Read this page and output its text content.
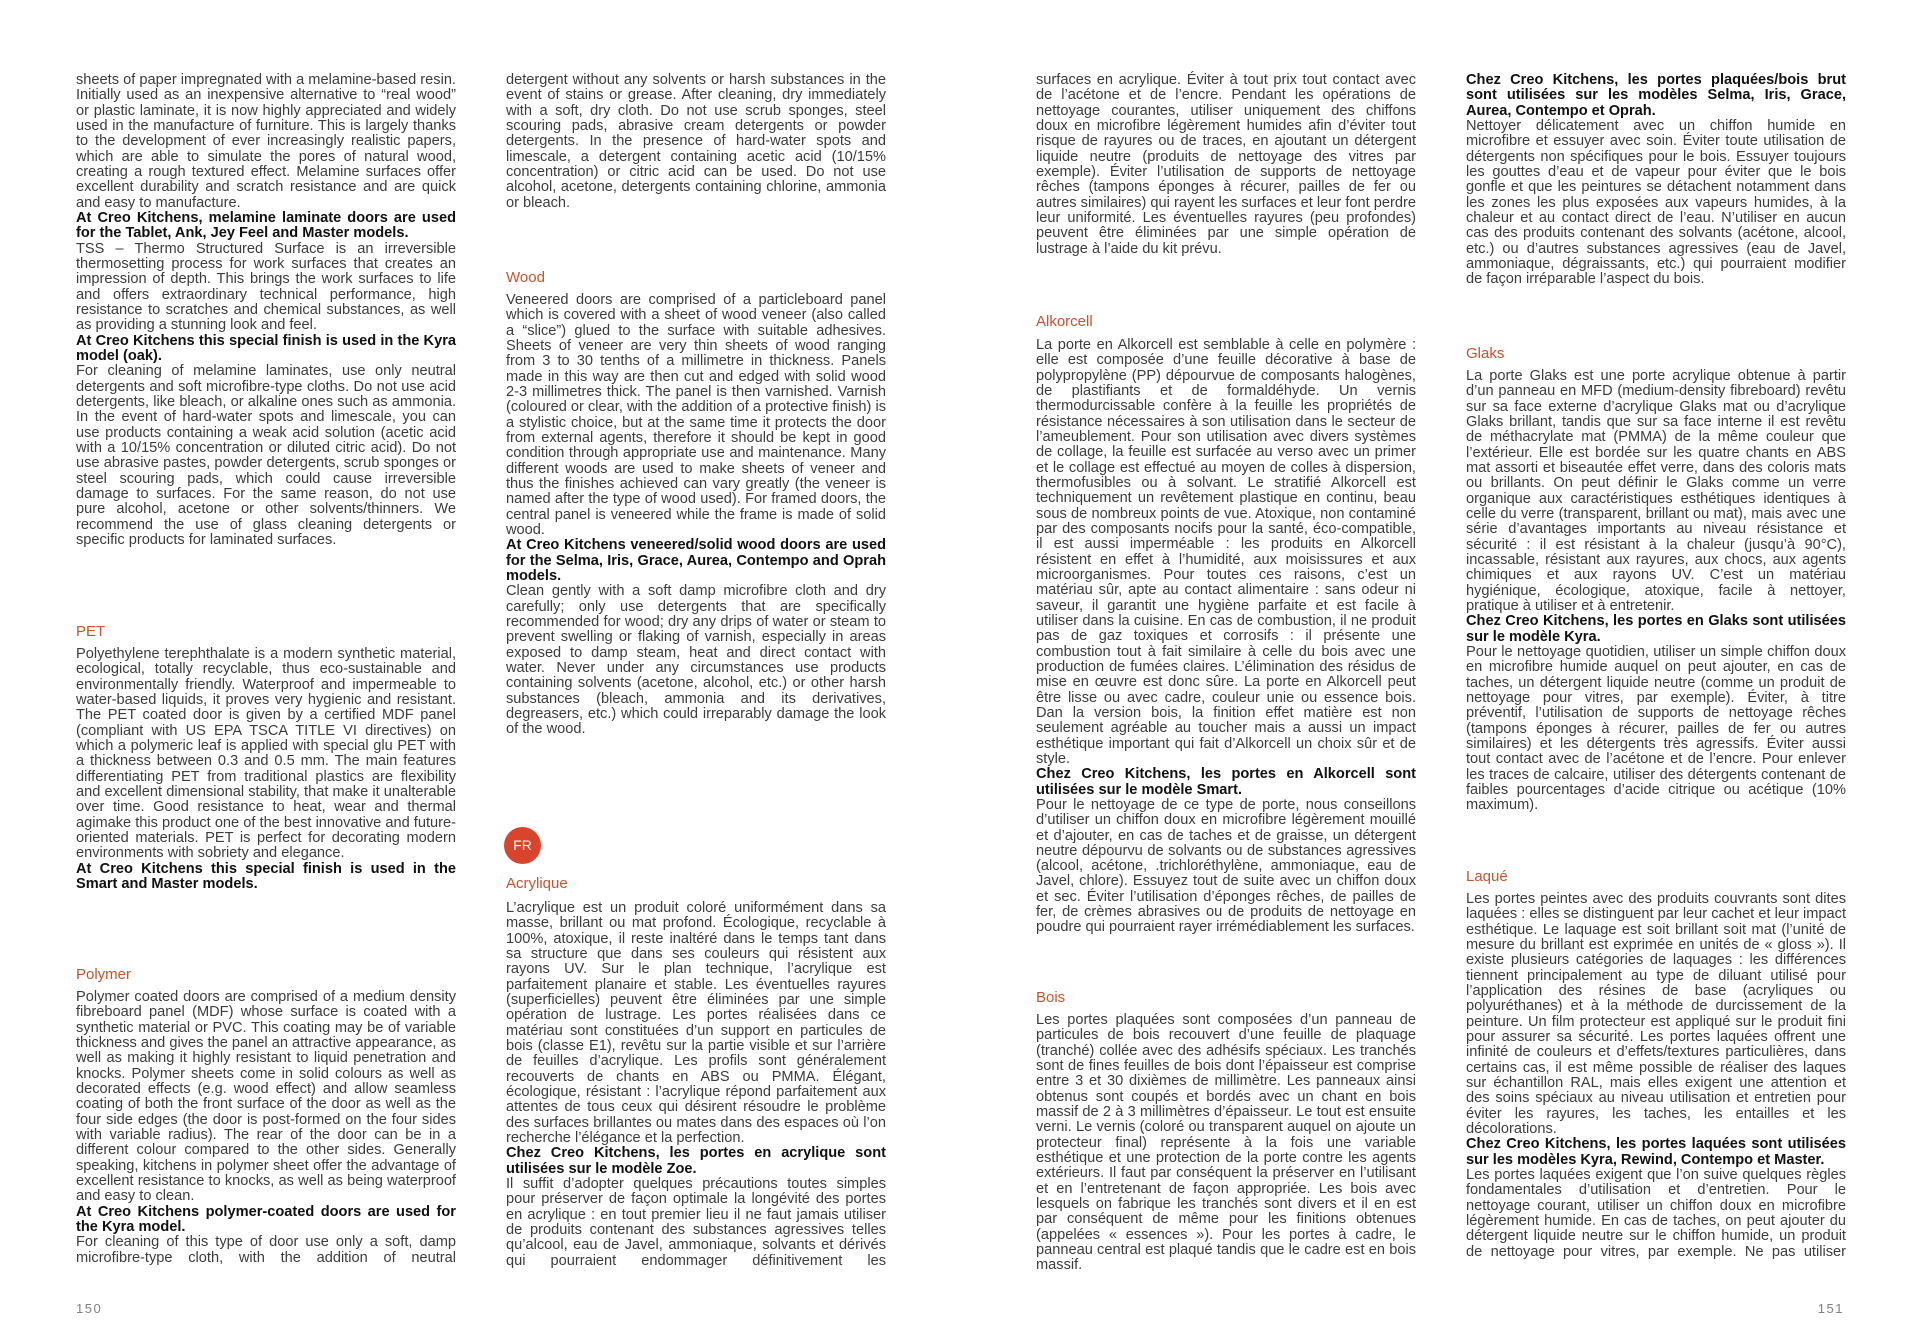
sheets of paper impregnated with a melamine-based resin. Initially used as an inexpensive alternative to “real wood” or plastic laminate, it is now highly appreciated and widely used in the manufacture of furniture. This is largely thanks to the development of ever increasingly realistic papers, which are able to simulate the pores of natural wood, creating a rough textured effect. Melamine surfaces offer excellent durability and scratch resistance and are quick and easy to manufacture.

At Creo Kitchens, melamine laminate doors are used for the Tablet, Ank, Jey Feel and Master models.

TSS – Thermo Structured Surface is an irreversible thermosetting process for work surfaces that creates an impression of depth. This brings the work surfaces to life and offers extraordinary technical performance, high resistance to scratches and chemical substances, as well as providing a stunning look and feel.

At Creo Kitchens this special finish is used in the Kyra model (oak).

For cleaning of melamine laminates, use only neutral detergents and soft microfibre-type cloths. Do not use acid detergents, like bleach, or alkaline ones such as ammonia. In the event of hard-water spots and limescale, you can use products containing a weak acid solution (acetic acid with a 10/15% concentration or diluted citric acid). Do not use abrasive pastes, powder detergents, scrub sponges or steel scouring pads, which could cause irreversible damage to surfaces. For the same reason, do not use pure alcohol, acetone or other solvents/thinners. We recommend the use of glass cleaning detergents or specific products for laminated surfaces.

PET

Polyethylene terephthalate is a modern synthetic material, ecological, totally recyclable, thus eco-sustainable and environmentally friendly. Waterproof and impermeable to water-based liquids, it proves very hygienic and resistant. The PET coated door is given by a certified MDF panel (compliant with US EPA TSCA TITLE VI directives) on which a polymeric leaf is applied with special glu PET with a thickness between 0.3 and 0.5 mm. The main features differentiating PET from traditional plastics are flexibility and excellent dimensional stability, that make it unalterable over time. Good resistance to heat, wear and thermal agimake this product one of the best innovative and future-oriented materials. PET is perfect for decorating modern environments with sobriety and elegance.

At Creo Kitchens this special finish is used in the Smart and Master models.

Polymer

Polymer coated doors are comprised of a medium density fibreboard panel (MDF) whose surface is coated with a synthetic material or PVC. This coating may be of variable thickness and gives the panel an attractive appearance, as well as making it highly resistant to liquid penetration and knocks. Polymer sheets come in solid colours as well as decorated effects (e.g. wood effect) and allow seamless coating of both the front surface of the door as well as the four side edges (the door is post-formed on the four sides with variable radius). The rear of the door can be in a different colour compared to the other sides. Generally speaking, kitchens in polymer sheet offer the advantage of excellent resistance to knocks, as well as being waterproof and easy to clean.

At Creo Kitchens polymer-coated doors are used for the Kyra model.

For cleaning of this type of door use only a soft, damp microfibre-type cloth, with the addition of neutral

detergent without any solvents or harsh substances in the event of stains or grease. After cleaning, dry immediately with a soft, dry cloth. Do not use scrub sponges, steel scouring pads, abrasive cream detergents or powder detergents. In the presence of hard-water spots and limescale, a detergent containing acetic acid (10/15% concentration) or citric acid can be used. Do not use alcohol, acetone, detergents containing chlorine, ammonia or bleach.

Wood

Veneered doors are comprised of a particleboard panel which is covered with a sheet of wood veneer (also called a “slice”) glued to the surface with suitable adhesives. Sheets of veneer are very thin sheets of wood ranging from 3 to 30 tenths of a millimetre in thickness. Panels made in this way are then cut and edged with solid wood 2-3 millimetres thick. The panel is then varnished. Varnish (coloured or clear, with the addition of a protective finish) is a stylistic choice, but at the same time it protects the door from external agents, therefore it should be kept in good condition through appropriate use and maintenance. Many different woods are used to make sheets of veneer and thus the finishes achieved can vary greatly (the veneer is named after the type of wood used). For framed doors, the central panel is veneered while the frame is made of solid wood.

At Creo Kitchens veneered/solid wood doors are used for the Selma, Iris, Grace, Aurea, Contempo and Oprah models.

Clean gently with a soft damp microfibre cloth and dry carefully; only use detergents that are specifically recommended for wood; dry any drips of water or steam to prevent swelling or flaking of varnish, especially in areas exposed to damp steam, heat and direct contact with water. Never under any circumstances use products containing solvents (acetone, alcohol, etc.) or other harsh substances (bleach, ammonia and its derivatives, degreasers, etc.) which could irreparably damage the look of the wood.

Acrylique

L’acrylique est un produit coloré uniformément dans sa masse, brillant ou mat profond. Écologique, recyclable à 100%, atoxique, il reste inaltéré dans le temps tant dans sa structure que dans ses couleurs qui résistent aux rayons UV. Sur le plan technique, l’acrylique est parfaitement planaire et stable. Les éventuelles rayures (superficielles) peuvent être éliminées par une simple opération de lustrage. Les portes réalisées dans ce matériau sont constituées d’un support en particules de bois (classe E1), revêtu sur la partie visible et sur l’arrière de feuilles d’acrylique. Les profils sont généralement recouverts de chants en ABS ou PMMA. Élégant, écologique, résistant : l’acrylique répond parfaitement aux attentes de tous ceux qui désirent résoudre le problème des surfaces brillantes ou mates dans des espaces où l’on recherche l’élégance et la perfection.

Chez Creo Kitchens, les portes en acrylique sont utilisées sur le modèle Zoe.

Il suffit d’adopter quelques précautions toutes simples pour préserver de façon optimale la longévité des portes en acrylique : en tout premier lieu il ne faut jamais utiliser de produits contenant des substances agressives telles qu’alcool, eau de Javel, ammoniaque, solvants et dérivés qui pourraient endommager définitivement les

FR

surfaces en acrylique. Éviter à tout prix tout contact avec de l’acétone et de l’encre. Pendant les opérations de nettoyage courantes, utiliser uniquement des chiffons doux en microfibre légèrement humides afin d’éviter tout risque de rayures ou de traces, en ajoutant un détergent liquide neutre (produits de nettoyage des vitres par exemple). Éviter l’utilisation de supports de nettoyage rêches (tampons éponges à récurer, pailles de fer ou autres similaires) qui rayent les surfaces et leur font perdre leur uniformité. Les éventuelles rayures (peu profondes) peuvent être éliminées par une simple opération de lustrage à l’aide du kit prévu.

Alkorcell

La porte en Alkorcell est semblable à celle en polymère : elle est composée d’une feuille décorative à base de polypropylène (PP) dépourvue de composants halogènes, de plastifiants et de formaldéhyde. Un vernis thermodurcissable confère à la feuille les propriétés de résistance nécessaires à son utilisation dans le secteur de l’ameublement. Pour son utilisation avec divers systèmes de collage, la feuille est surfacée au verso avec un primer et le collage est effectué au moyen de colles à dispersion, thermofusibles ou à solvant. Le stratifié Alkorcell est techniquement un revêtement plastique en continu, beau sous de nombreux points de vue. Atoxique, non contaminé par des composants nocifs pour la santé, éco-compatible, il est aussi imperméable : les produits en Alkorcell résistent en effet à l’humidité, aux moisissures et aux microorganismes. Pour toutes ces raisons, c’est un matériau sûr, apte au contact alimentaire : sans odeur ni saveur, il garantit une hygiène parfaite et est facile à utiliser dans la cuisine. En cas de combustion, il ne produit pas de gaz toxiques et corrosifs : il présente une combustion tout à fait similaire à celle du bois avec une production de fumées claires. L’élimination des résidus de mise en œuvre est donc sûre. La porte en Alkorcell peut être lisse ou avec cadre, couleur unie ou essence bois. Dan la version bois, la finition effet matière est non seulement agréable au toucher mais a aussi un impact esthétique important qui fait d’Alkorcell un choix sûr et de style.

Chez Creo Kitchens, les portes en Alkorcell sont utilisées sur le modèle Smart.

Pour le nettoyage de ce type de porte, nous conseillons d’utiliser un chiffon doux en microfibre légèrement mouillé et d’ajouter, en cas de taches et de graisse, un détergent neutre dépourvu de solvants ou de substances agressives (alcool, acétone, .trichloréthylène, ammoniaque, eau de Javel, chlore). Essuyez tout de suite avec un chiffon doux et sec. Éviter l’utilisation d’éponges rêches, de pailles de fer, de crèmes abrasives ou de produits de nettoyage en poudre qui pourraient rayer irrémédiablement les surfaces.

Bois

Les portes plaquées sont composées d’un panneau de particules de bois recouvert d’une feuille de plaquage (tranché) collée avec des adhésifs spéciaux. Les tranchés sont de fines feuilles de bois dont l’épaisseur est comprise entre 3 et 30 dixièmes de millimètre. Les panneaux ainsi obtenus sont coupés et bordés avec un chant en bois massif de 2 à 3 millimètres d’épaisseur. Le tout est ensuite verni. Le vernis (coloré ou transparent auquel on ajoute un protecteur final) représente à la fois une variable esthétique et une protection de la porte contre les agents extérieurs. Il faut par conséquent la préserver en l’utilisant et en l’entretenant de façon appropriée. Les bois avec lesquels on fabrique les tranchés sont divers et il en est par conséquent de même pour les finitions obtenues (appelées « essences »). Pour les portes à cadre, le panneau central est plaqué tandis que le cadre est en bois massif.

Chez Creo Kitchens, les portes plaquées/bois brut sont utilisées sur les modèles Selma, Iris, Grace, Aurea, Contempo et Oprah.

Nettoyer délicatement avec un chiffon humide en microfibre et essuyer avec soin. Éviter toute utilisation de détergents non spécifiques pour le bois. Essuyer toujours les gouttes d’eau et de vapeur pour éviter que le bois gonfle et que les peintures se détachent notamment dans les zones les plus exposées aux vapeurs humides, à la chaleur et au contact direct de l’eau. N’utiliser en aucun cas des produits contenant des solvants (acétone, alcool, etc.) ou d’autres substances agressives (eau de Javel, ammoniaque, dégraissants, etc.) qui pourraient modifier de façon irréparable l’aspect du bois.

Glaks

La porte Glaks est une porte acrylique obtenue à partir d’un panneau en MFD (medium-density fibreboard) revêtu sur sa face externe d’acrylique Glaks mat ou d’acrylique Glaks brillant, tandis que sur sa face interne il est revêtu de méthacrylate mat (PMMA) de la même couleur que l’extérieur. Elle est bordée sur les quatre chants en ABS mat assorti et biseautée effet verre, dans des coloris mats ou brillants. On peut définir le Glaks comme un verre organique aux caractéristiques esthétiques identiques à celle du verre (transparent, brillant ou mat), mais avec une série d’avantages importants au niveau résistance et sécurité : il est résistant à la chaleur (jusqu’à 90°C), incassable, résistant aux rayures, aux chocs, aux agents chimiques et aux rayons UV. C’est un matériau hygiénique, écologique, atoxique, facile à nettoyer, pratique à utiliser et à entretenir.

Chez Creo Kitchens, les portes en Glaks sont utilisées sur le modèle Kyra.

Pour le nettoyage quotidien, utiliser un simple chiffon doux en microfibre humide auquel on peut ajouter, en cas de taches, un détergent liquide neutre (comme un produit de nettoyage pour vitres, par exemple). Éviter, à titre préventif, l’utilisation de supports de nettoyage rêches (tampons éponges à récurer, pailles de fer ou autres similaires) et les détergents très agressifs. Éviter aussi tout contact avec de l’acétone et de l’encre. Pour enlever les traces de calcaire, utiliser des détergents contenant de faibles pourcentages d’acide citrique ou acétique (10% maximum).

Laqué

Les portes peintes avec des produits couvrants sont dites laquées : elles se distinguent par leur cachet et leur impact esthétique. Le laquage est soit brillant soit mat (l’unité de mesure du brillant est exprimée en unités de « gloss »). Il existe plusieurs catégories de laquages : les différences tiennent principalement au type de diluant utilisé pour l’application des résines de base (acryliques ou polyuréthanes) et à la méthode de durcissement de la peinture. Un film protecteur est appliqué sur le produit fini pour assurer sa sécurité. Les portes laquées offrent une infinité de couleurs et d’effets/textures particulières, dans certains cas, il est même possible de réaliser des laques sur échantillon RAL, mais elles exigent une attention et des soins spéciaux au niveau utilisation et entretien pour éviter les rayures, les taches, les entailles et les décolorations.

Chez Creo Kitchens, les portes laquées sont utilisées sur les modèles Kyra, Rewind, Contempo et Master.

Les portes laquées exigent que l’on suive quelques règles fondamentales d’utilisation et d’entretien. Pour le nettoyage courant, utiliser un chiffon doux en microfibre légèrement humide. En cas de taches, on peut ajouter du détergent liquide neutre sur le chiffon humide, un produit de nettoyage pour vitres, par exemple. Ne pas utiliser

150	151
